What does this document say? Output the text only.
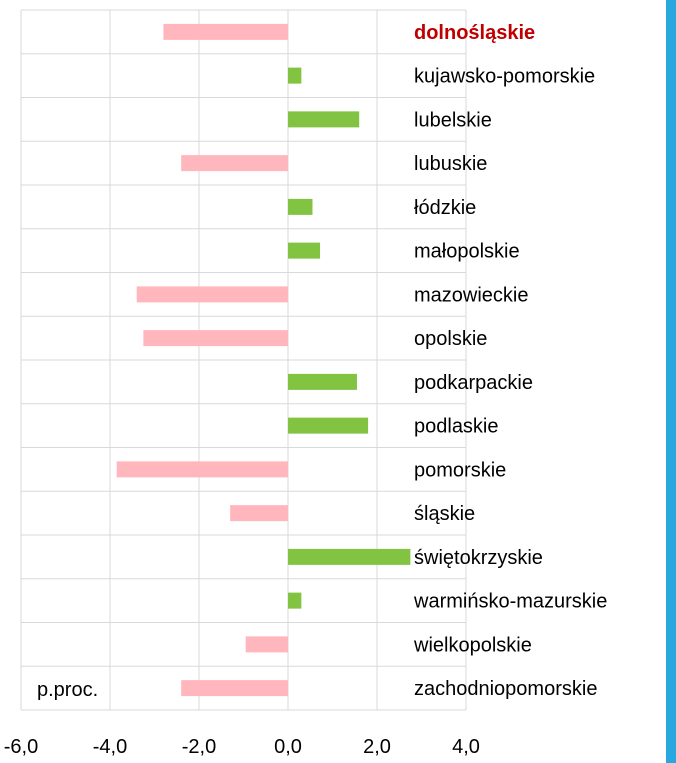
dolnośląskie
kujawsko-pomorskie
lubelskie
lubuskie
łódzkie
małopolskie
mazowieckie
opolskie
podkarpackie
podlaskie
pomorskie
śląskie
świętokrzyskie
warmińsko-mazurskie
wielkopolskie
zachodniopomorskie
-6,0	-4,0	-2,0	0,0	2,0	4,0
p.proc.
